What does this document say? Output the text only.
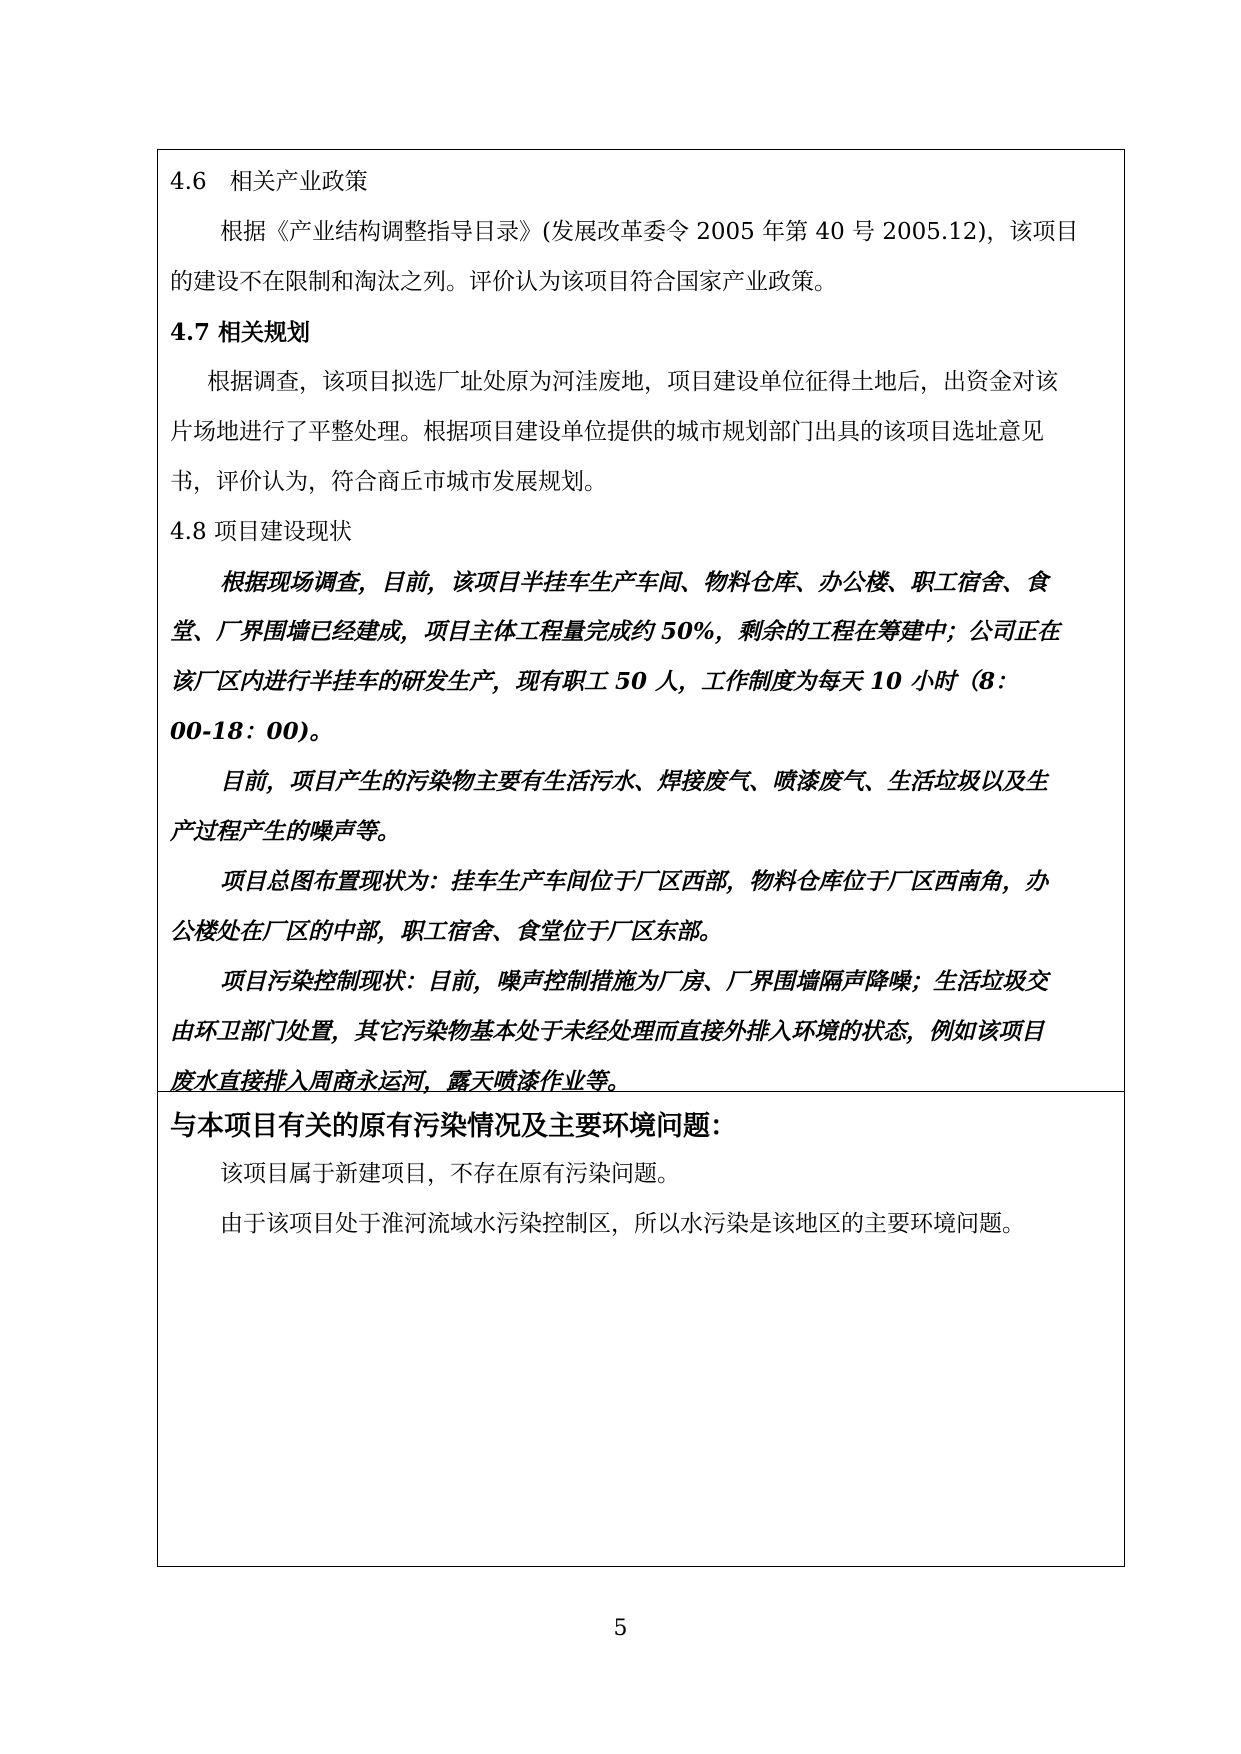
4.6　相关产业政策
根据《产业结构调整指导目录》(发展改革委令 2005 年第 40 号 2005.12)，该项目
的建设不在限制和淘汰之列。评价认为该项目符合国家产业政策。
4.7 相关规划
根据调查，该项目拟选厂址处原为河洼废地，项目建设单位征得土地后，出资金对该
片场地进行了平整处理。根据项目建设单位提供的城市规划部门出具的该项目选址意见
书，评价认为，符合商丘市城市发展规划。
4.8 项目建设现状
根据现场调查，目前，该项目半挂车生产车间、物料仓库、办公楼、职工宿舍、食
堂、厂界围墙已经建成，项目主体工程量完成约 50%，剩余的工程在筹建中；公司正在
该厂区内进行半挂车的研发生产，现有职工 50 人，工作制度为每天 10 小时（8：
00-18：00)。
目前，项目产生的污染物主要有生活污水、焊接废气、喷漆废气、生活垃圾以及生
产过程产生的噪声等。
项目总图布置现状为：挂车生产车间位于厂区西部，物料仓库位于厂区西南角，办
公楼处在厂区的中部，职工宿舍、食堂位于厂区东部。
项目污染控制现状：目前，噪声控制措施为厂房、厂界围墙隔声降噪；生活垃圾交
由环卫部门处置，其它污染物基本处于未经处理而直接外排入环境的状态，例如该项目
废水直接排入周商永运河，露天喷漆作业等。
与本项目有关的原有污染情况及主要环境问题：
该项目属于新建项目，不存在原有污染问题。
由于该项目处于淮河流域水污染控制区，所以水污染是该地区的主要环境问题。
5
